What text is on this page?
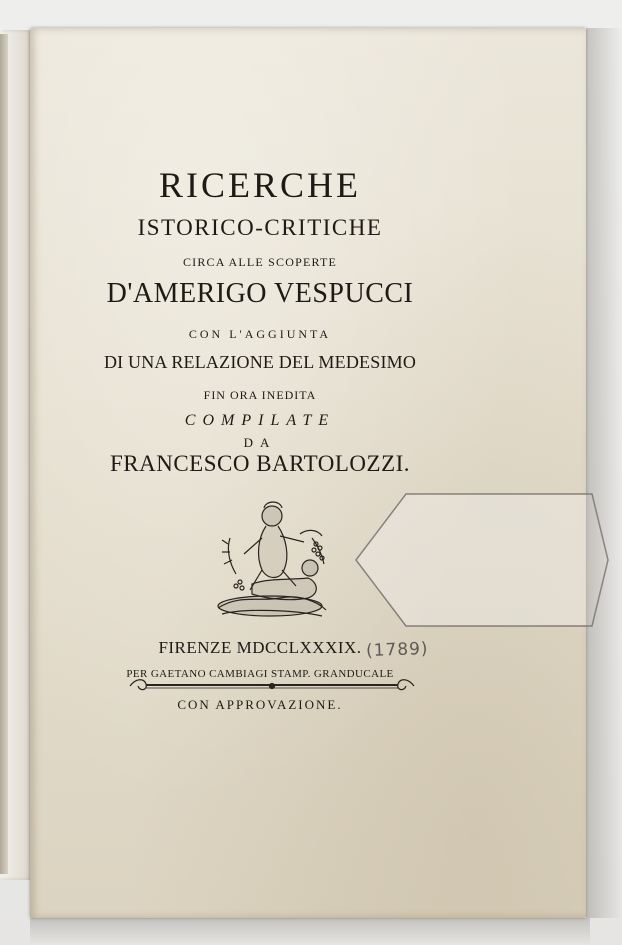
RICERCHE
ISTORICO-CRITICHE
CIRCA ALLE SCOPERTE
D'AMERIGO VESPUCCI
CON L'AGGIUNTA
DI UNA RELAZIONE DEL MEDESIMO
FIN ORA INEDITA
COMPILATE
DA
FRANCESCO BARTOLOZZI.
FIRENZE MDCCLXXXIX.
PER GAETANO CAMBIAGI STAMP. GRANDUCALE
CON APPROVAZIONE.
(1789)
